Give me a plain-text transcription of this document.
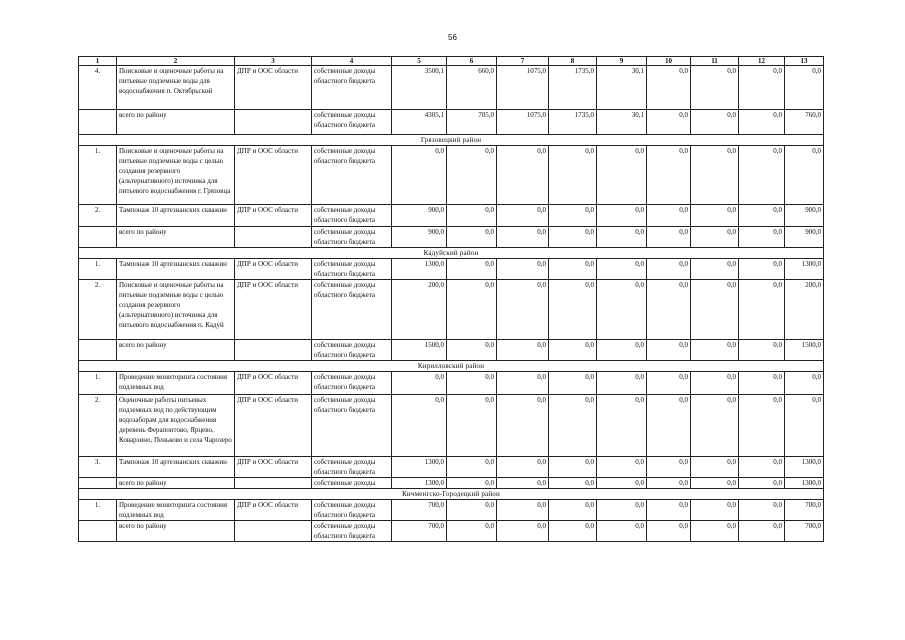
56
1	2	3	4	5	6	7	8	9	10	11	12	13
4.	Поисковые и оценочные работы на питьевые подземные воды для водоснабжения п. Октябрьский	ДПР и ООС области	собственные доходы областного бюджета	3500,1	660,0	1075,0	1735,0	30,1	0,0	0,0	0,0	0,0
	всего по району		собственные доходы областного бюджета	4305,1	705,0	1075,0	1735,0	30,1	0,0	0,0	0,0	760,0
Грязовецкий район												
1.	Поисковые и оценочные работы на питьевые подземные воды с целью создания резервного (альтернативного) источника для питьевого водоснабжения г. Грязовца	ДПР и ООС области	собственные доходы областного бюджета	0,0	0,0	0,0	0,0	0,0	0,0	0,0	0,0	0,0
2.	Тампонаж 10 артезианских скважин	ДПР и ООС области	собственные доходы областного бюджета	900,0	0,0	0,0	0,0	0,0	0,0	0,0	0,0	900,0
	всего по району		собственные доходы областного бюджета	900,0	0,0	0,0	0,0	0,0	0,0	0,0	0,0	900,0
Кадуйский район												
1.	Тампонаж 10 артезианских скважин	ДПР и ООС области	собственные доходы областного бюджета	1300,0	0,0	0,0	0,0	0,0	0,0	0,0	0,0	1300,0
2.	Поисковые и оценочные работы на питьевые подземные воды с целью создания резервного (альтернативного) источника для питьевого водоснабжения п. Кадуй	ДПР и ООС области	собственные доходы областного бюджета	200,0	0,0	0,0	0,0	0,0	0,0	0,0	0,0	200,0
	всего по району		собственные доходы областного бюджета	1500,0	0,0	0,0	0,0	0,0	0,0	0,0	0,0	1500,0
Кирилловский район												
1.	Проведение мониторинга состояния подземных вод	ДПР и ООС области	собственные доходы областного бюджета	0,0	0,0	0,0	0,0	0,0	0,0	0,0	0,0	0,0
2.	Оценочные работы питьевых подземных вод по действующим водозаборам для водоснабжения деревень Ферапонтово, Ярцево, Коварзино, Пеньково и села Чарозеро	ДПР и ООС области	собственные доходы областного бюджета	0,0	0,0	0,0	0,0	0,0	0,0	0,0	0,0	0,0
3.	Тампонаж 10 артезианских скважин	ДПР и ООС области	собственные доходы областного бюджета	1300,0	0,0	0,0	0,0	0,0	0,0	0,0	0,0	1300,0
	всего по району		собственные доходы	1300,0	0,0	0,0	0,0	0,0	0,0	0,0	0,0	1300,0
Кичменгско-Городецкий район												
1.	Проведение мониторинга состояния подземных вод	ДПР и ООС области	собственные доходы областного бюджета	700,0	0,0	0,0	0,0	0,0	0,0	0,0	0,0	700,0
	всего по району		собственные доходы областного бюджета	700,0	0,0	0,0	0,0	0,0	0,0	0,0	0,0	700,0
